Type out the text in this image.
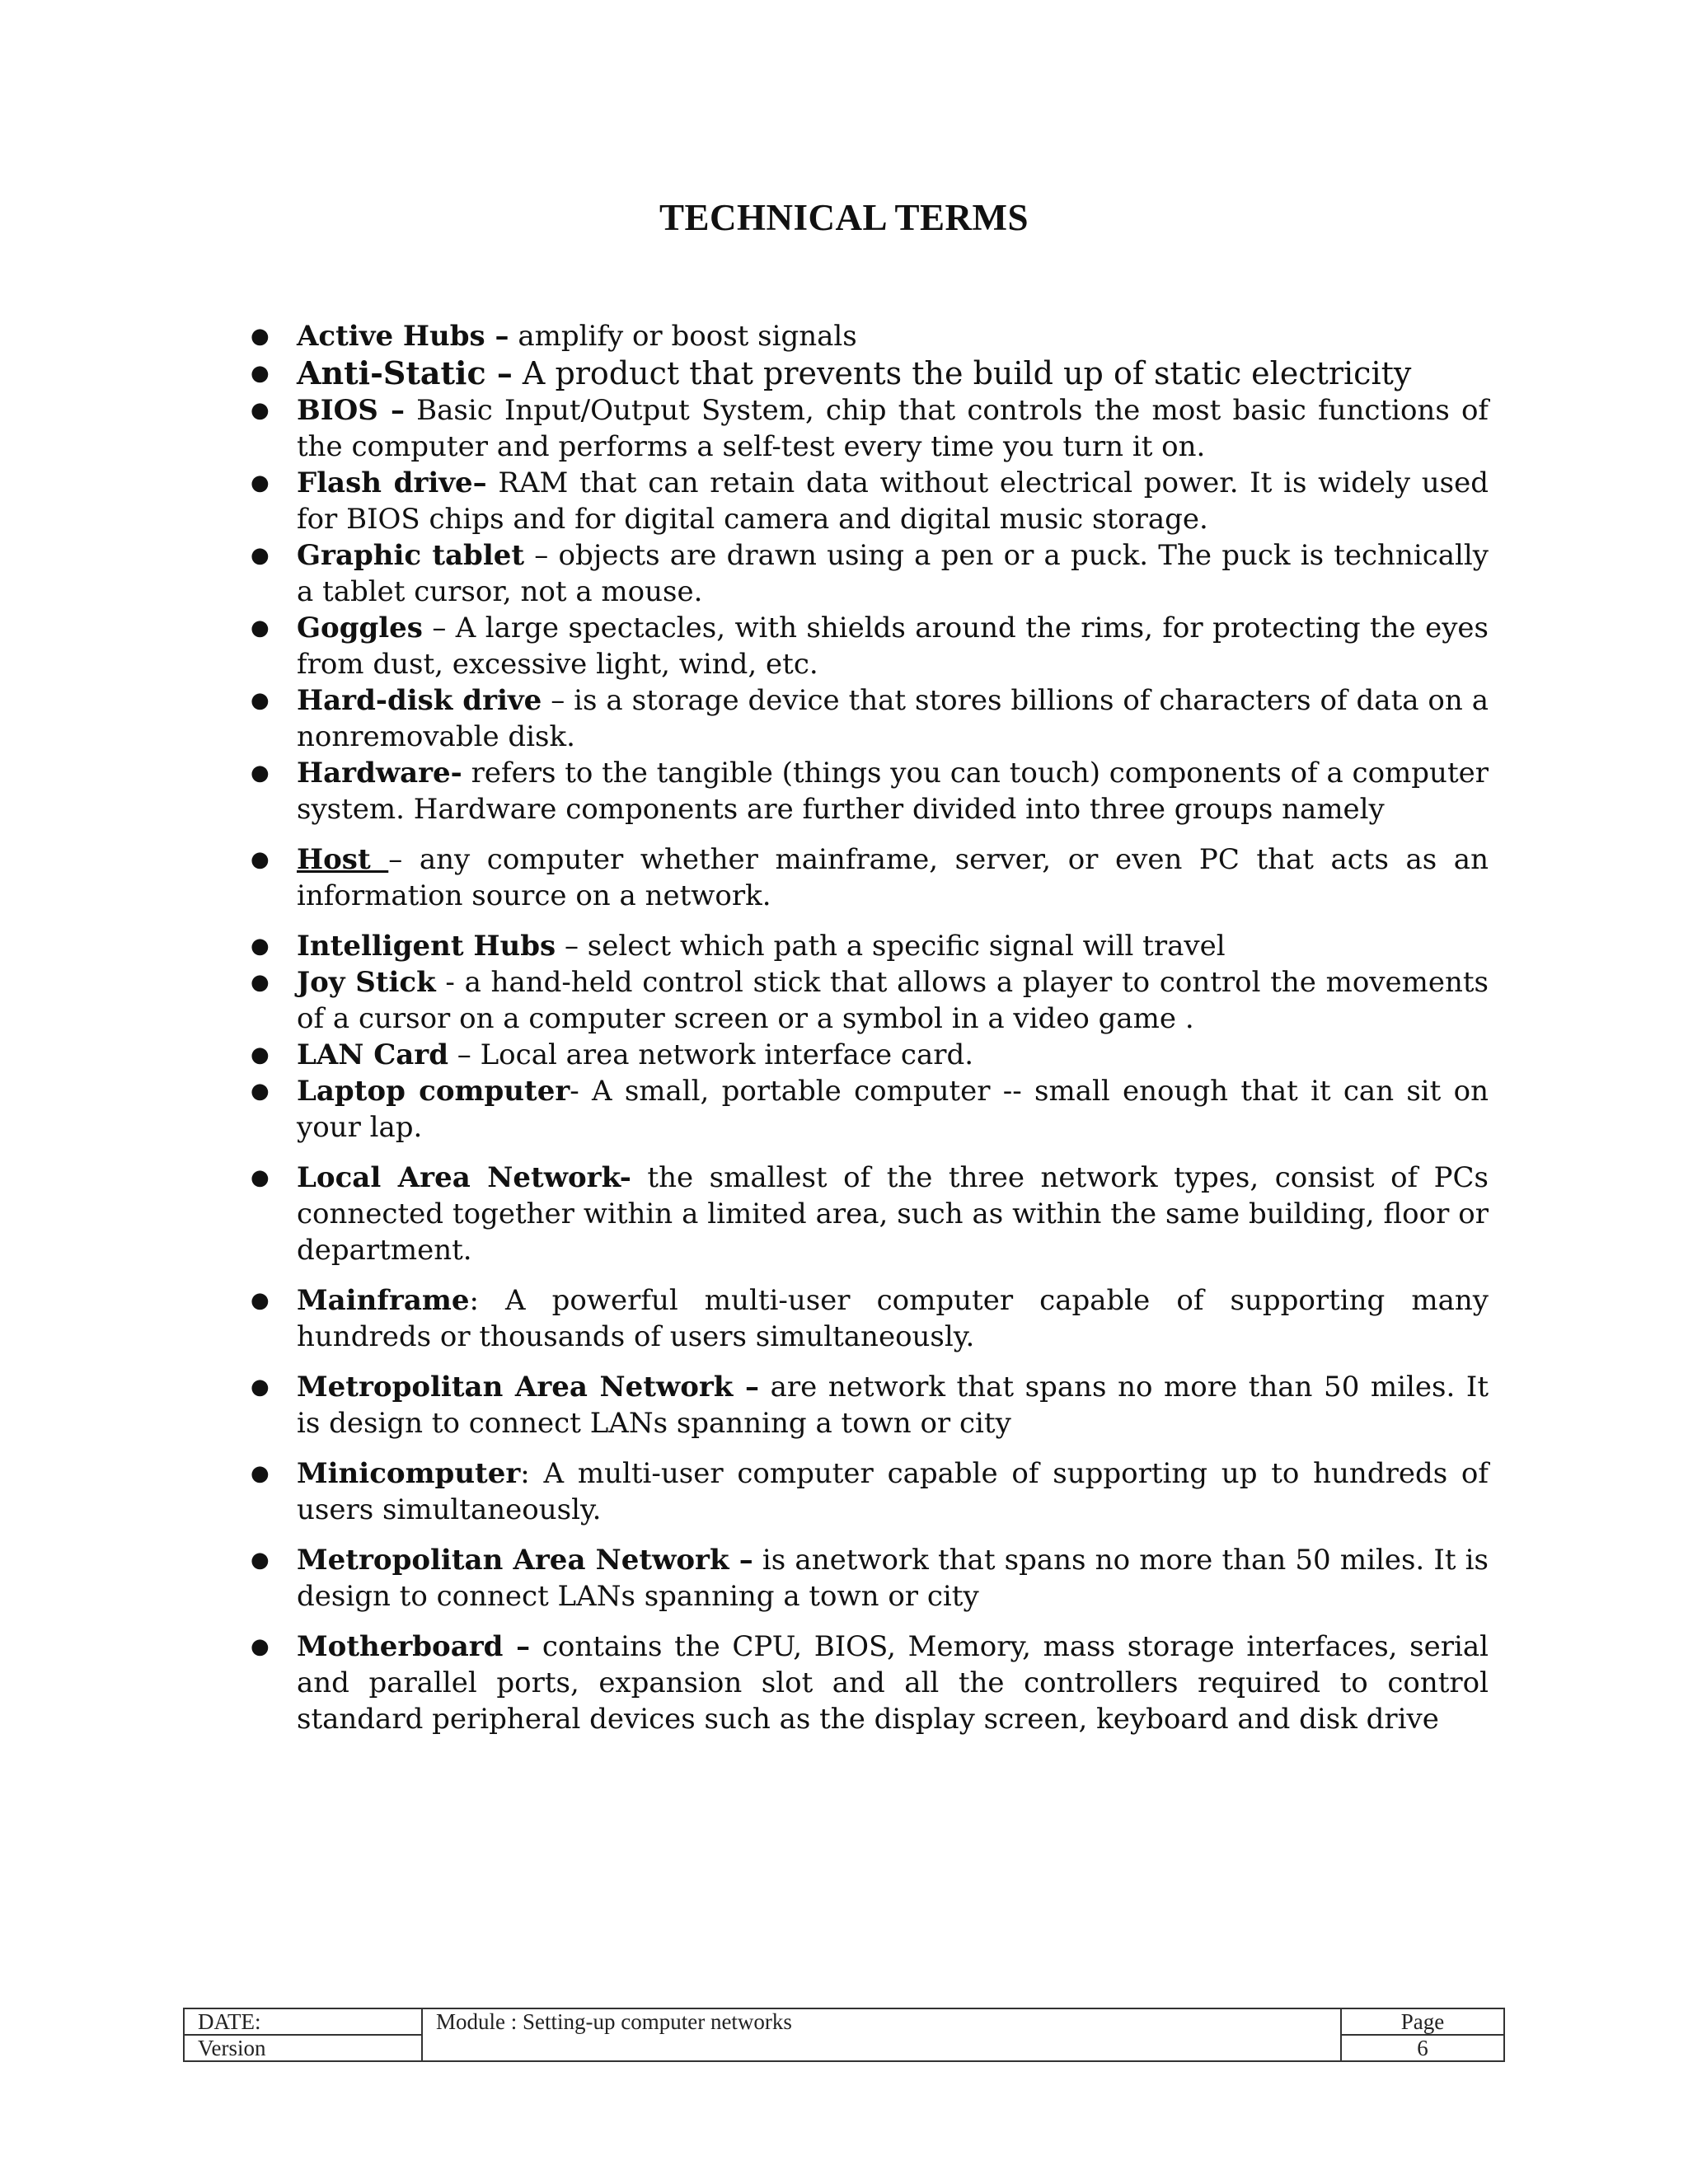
TECHNICAL TERMS
● Active Hubs – amplify or boost signals
● Anti-Static – A product that prevents the build up of static electricity
● BIOS – Basic Input/Output System, chip that controls the most basic functions of the computer and performs a self-test every time you turn it on.
● Flash drive– RAM that can retain data without electrical power. It is widely used for BIOS chips and for digital camera and digital music storage.
● Graphic tablet – objects are drawn using a pen or a puck. The puck is technically a tablet cursor, not a mouse.
● Goggles – A large spectacles, with shields around the rims, for protecting the eyes from dust, excessive light, wind, etc.
● Hard-disk drive – is a storage device that stores billions of characters of data on a nonremovable disk.
● Hardware- refers to the tangible (things you can touch) components of a computer system. Hardware components are further divided into three groups namely
● Host – any computer whether mainframe, server, or even PC that acts as an information source on a network.
● Intelligent Hubs – select which path a specific signal will travel
● Joy Stick - a hand-held control stick that allows a player to control the movements of a cursor on a computer screen or a symbol in a video game .
● LAN Card – Local area network interface card.
● Laptop computer- A small, portable computer -- small enough that it can sit on your lap.
● Local Area Network- the smallest of the three network types, consist of PCs connected together within a limited area, such as within the same building, floor or department.
● Mainframe: A powerful multi-user computer capable of supporting many hundreds or thousands of users simultaneously.
● Metropolitan Area Network – are network that spans no more than 50 miles. It is design to connect LANs spanning a town or city
● Minicomputer: A multi-user computer capable of supporting up to hundreds of users simultaneously.
● Metropolitan Area Network – is anetwork that spans no more than 50 miles. It is design to connect LANs spanning a town or city
● Motherboard – contains the CPU, BIOS, Memory, mass storage interfaces, serial and parallel ports, expansion slot and all the controllers required to control standard peripheral devices such as the display screen, keyboard and disk drive
DATE:	Module : Setting-up computer networks	Page
Version		6
